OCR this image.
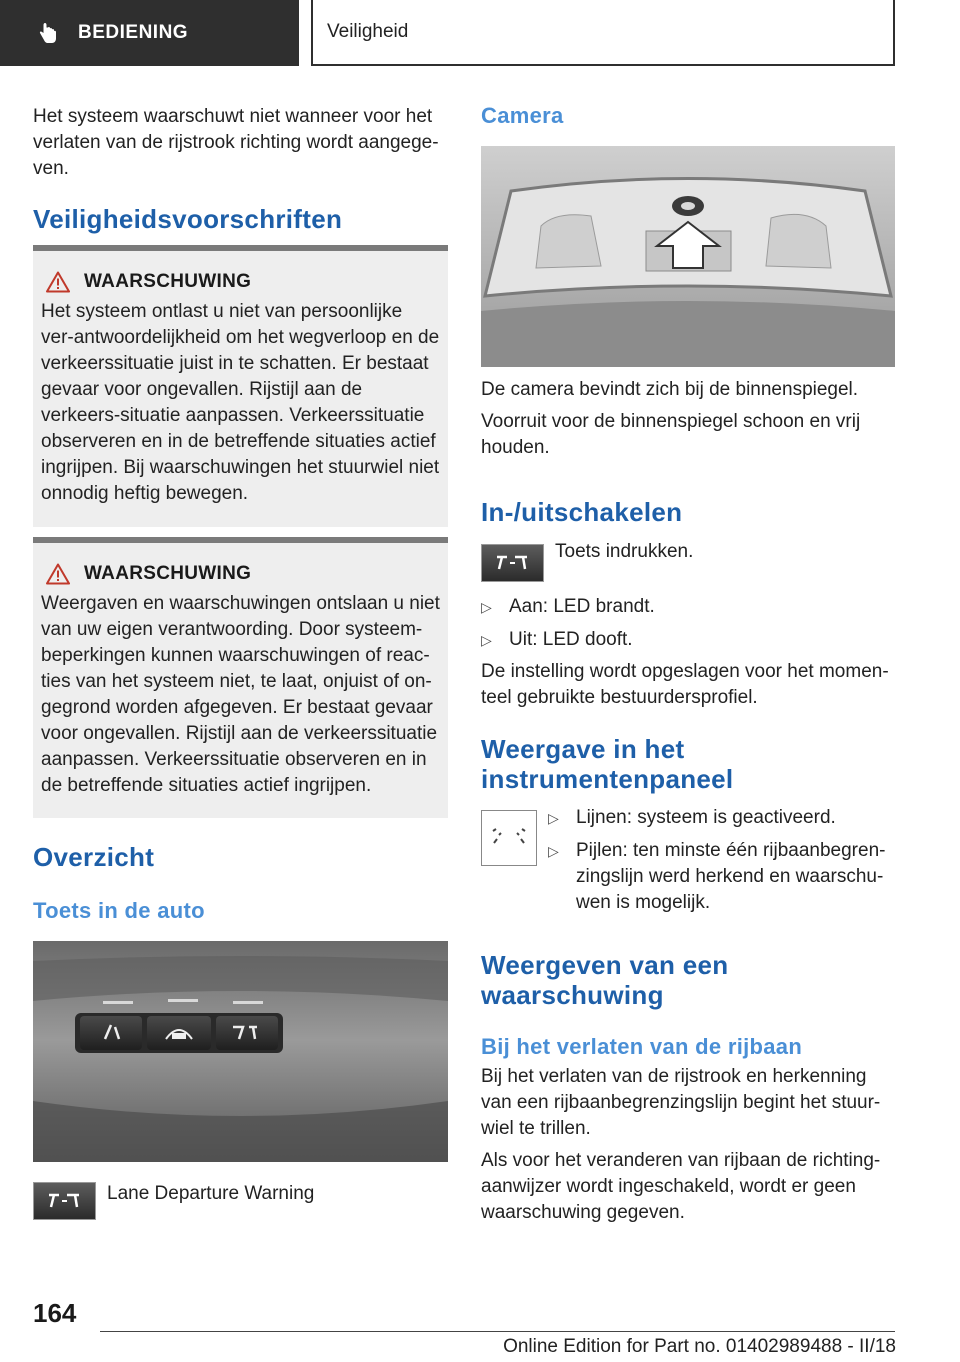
BEDIENING	Veiligheid

Het systeem waarschuwt niet wanneer voor het verlaten van de rijstrook richting wordt aangege-ven.

Veiligheidsvoorschriften
WAARSCHUWING

Het systeem ontlast u niet van persoonlijke ver-antwoordelijkheid om het wegverloop en de verkeerssituatie juist in te schatten. Er bestaat gevaar voor ongevallen. Rijstijl aan de verkeers-situatie aanpassen. Verkeerssituatie observeren en in de betreffende situaties actief ingrijpen. Bij waarschuwingen het stuurwiel niet onnodig heftig bewegen.

WAARSCHUWING

Weergaven en waarschuwingen ontslaan u niet van uw eigen verantwoording. Door systeem-beperkingen kunnen waarschuwingen of reac-ties van het systeem niet, te laat, onjuist of on-gegrond worden afgegeven. Er bestaat gevaar voor ongevallen. Rijstijl aan de verkeerssituatie aanpassen. Verkeerssituatie observeren en in de betreffende situaties actief ingrijpen.

Overzicht
Toets in de auto

Lane Departure Warning

Camera

De camera bevindt zich bij de binnenspiegel.

Voorruit voor de binnenspiegel schoon en vrij houden.

In-/uitschakelen

Toets indrukken.

▷ Aan: LED brandt.
▷ Uit: LED dooft.

De instelling wordt opgeslagen voor het momen-teel gebruikte bestuurdersprofiel.

Weergave in het instrumentenpaneel
▷ Lijnen: systeem is geactiveerd.
▷ Pijlen: ten minste één rijbaanbegren-zingslijn werd herkend en waarschu-wen is mogelijk.
Weergeven van een waarschuwing
Bij het verlaten van de rijbaan

Bij het verlaten van de rijstrook en herkenning van een rijbaanbegrenzingslijn begint het stuur-wiel te trillen.

Als voor het veranderen van rijbaan de richting-aanwijzer wordt ingeschakeld, wordt er geen waarschuwing gegeven.

164
Online Edition for Part no. 01402989488 - II/18
